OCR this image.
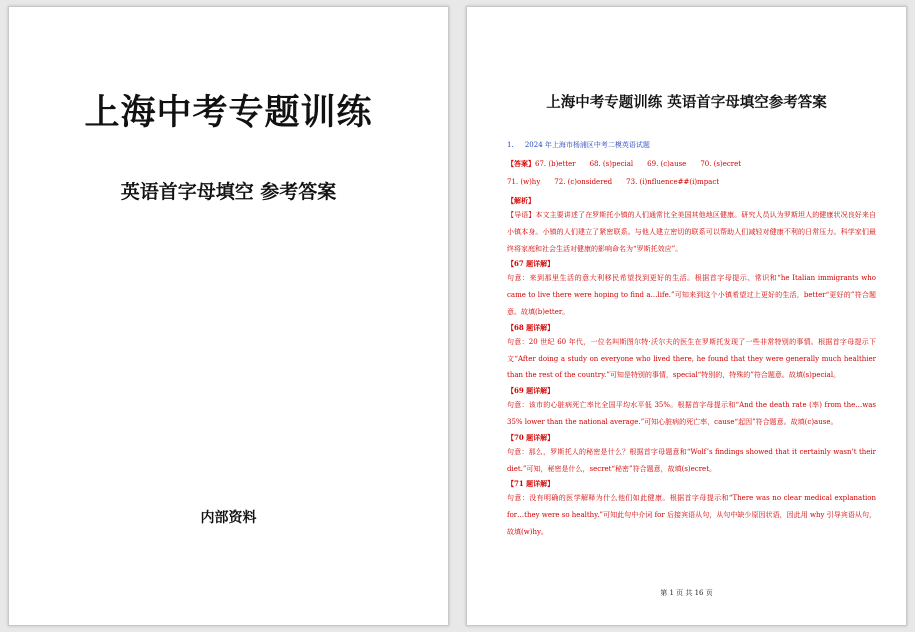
上海中考专题训练
英语首字母填空 参考答案
内部资料
上海中考专题训练 英语首字母填空参考答案
1. 2024 年上海市杨浦区中考二模英语试题
【答案】67. (b)etter 68. (s)pecial 69. (c)ause 70. (s)ecret
71. (w)hy 72. (c)onsidered 73. (i)nfluence##(i)mpact
【解析】

【导语】本文主要讲述了在罗斯托小镇的人们通常比全美国其他地区健康。研究人员认为罗斯坦人的健康状况良好来自小镇本身。小镇的人们建立了紧密联系。与他人建立密切的联系可以帮助人们减轻对健康不利的日常压力。科学家们最终将家庭和社会生活对健康的影响命名为“罗斯托效应”。

【67 题详解】

句意：来到那里生活的意大利移民希望找到更好的生活。根据首字母提示、常识和“he Italian immigrants who came to live there were hoping to find a…life.”可知来到这个小镇希望过上更好的生活，better“更好的”符合题意。故填(b)etter。

【68 题详解】

句意：20 世纪 60 年代，一位名叫斯图尔特·沃尔夫的医生在罗斯托发现了一些非常特别的事情。根据首字母提示下文“After doing a study on everyone who lived there, he found that they were generally much healthier than the rest of the country.”可知是特别的事情，special“特别的，特殊的”符合题意。故填(s)pecial。

【69 题详解】

句意：该市的心脏病死亡率比全国平均水平低 35%。根据首字母提示和“And the death rate (率) from the…was 35% lower than the national average.”可知心脏病的死亡率，cause“起因”符合题意。故填(c)ause。

【70 题详解】

句意：那么，罗斯托人的秘密是什么？根据首字母题意和“Wolf’s findings showed that it certainly wasn’t their diet.”可知，秘密是什么，secret“秘密”符合题意，故填(s)ecret。

【71 题详解】

句意：没有明确的医学解释为什么他们如此健康。根据首字母提示和“There was no clear medical explanation for…they were so healthy.”可知此句中介词 for 后接宾语从句，从句中缺少原因状语，因此用 why 引导宾语从句，故填(w)hy。

第 1 页 共 16 页
